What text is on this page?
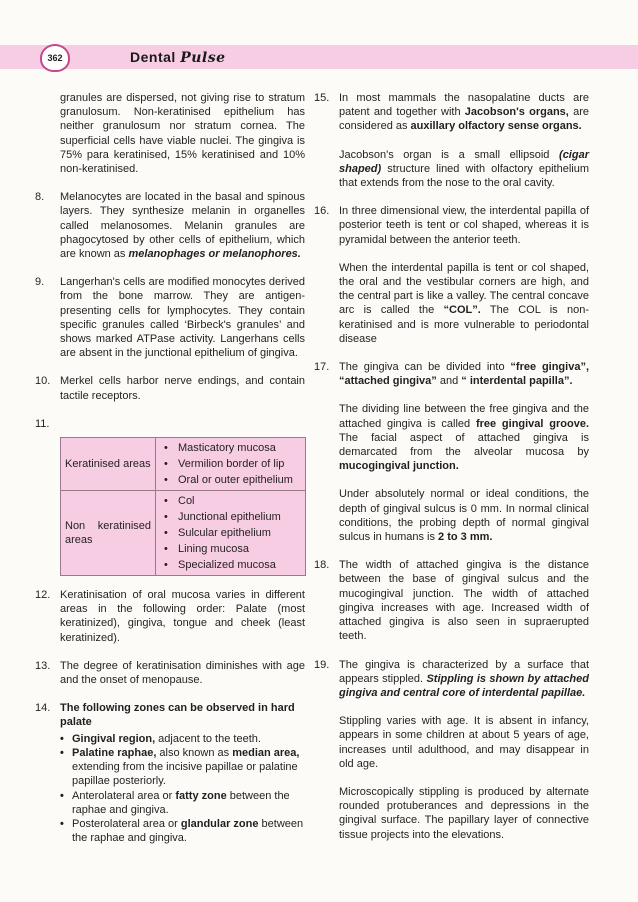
362	Dental Pulse
granules are dispersed, not giving rise to stratum granulosum. Non-keratinised epithelium has neither granulosum nor stratum cornea. The superficial cells have viable nuclei. The gingiva is 75% para keratinised, 15% keratinised and 10% non-keratinised.
8. Melanocytes are located in the basal and spinous layers. They synthesize melanin in organelles called melanosomes. Melanin granules are phagocytosed by other cells of epithelium, which are known as melanophages or melanophores.
9. Langerhan's cells are modified monocytes derived from the bone marrow. They are antigen-presenting cells for lymphocytes. They contain specific granules called ‘Birbeck's granules’ and shows marked ATPase activity. Langerhans cells are absent in the junctional epithelium of gingiva.
10. Merkel cells harbor nerve endings, and contain tactile receptors.
11.
Keratinised areas	• Masticatory mucosa
• Vermilion border of lip
• Oral or outer epithelium

Non keratinised areas	• Col
• Junctional epithelium
• Sulcular epithelium
• Lining mucosa
• Specialized mucosa
12. Keratinisation of oral mucosa varies in different areas in the following order: Palate (most keratinized), gingiva, tongue and cheek (least keratinized).
13. The degree of keratinisation diminishes with age and the onset of menopause.
14. The following zones can be observed in hard palate
• Gingival region, adjacent to the teeth.
• Palatine raphae, also known as median area, extending from the incisive papillae or palatine papillae posteriorly.
• Anterolateral area or fatty zone between the raphae and gingiva.
• Posterolateral area or glandular zone between the raphae and gingiva.
15. In most mammals the nasopalatine ducts are patent and together with Jacobson's organs, are considered as auxillary olfactory sense organs.
Jacobson's organ is a small ellipsoid (cigar shaped) structure lined with olfactory epithelium that extends from the nose to the oral cavity.
16. In three dimensional view, the interdental papilla of posterior teeth is tent or col shaped, whereas it is pyramidal between the anterior teeth.
When the interdental papilla is tent or col shaped, the oral and the vestibular corners are high, and the central part is like a valley. The central concave arc is called the “COL”. The COL is non-keratinised and is more vulnerable to periodontal disease
17. The gingiva can be divided into “free gingiva”, “attached gingiva” and “ interdental papilla”.
The dividing line between the free gingiva and the attached gingiva is called free gingival groove. The facial aspect of attached gingiva is demarcated from the alveolar mucosa by mucogingival junction.
Under absolutely normal or ideal conditions, the depth of gingival sulcus is 0 mm. In normal clinical conditions, the probing depth of normal gingival sulcus in humans is 2 to 3 mm.
18. The width of attached gingiva is the distance between the base of gingival sulcus and the mucogingival junction. The width of attached gingiva increases with age. Increased width of attached gingiva is also seen in supraerupted teeth.
19. The gingiva is characterized by a surface that appears stippled. Stippling is shown by attached gingiva and central core of interdental papillae.
Stippling varies with age. It is absent in infancy, appears in some children at about 5 years of age, increases until adulthood, and may disappear in old age.
Microscopically stippling is produced by alternate rounded protuberances and depressions in the gingival surface. The papillary layer of connective tissue projects into the elevations.
